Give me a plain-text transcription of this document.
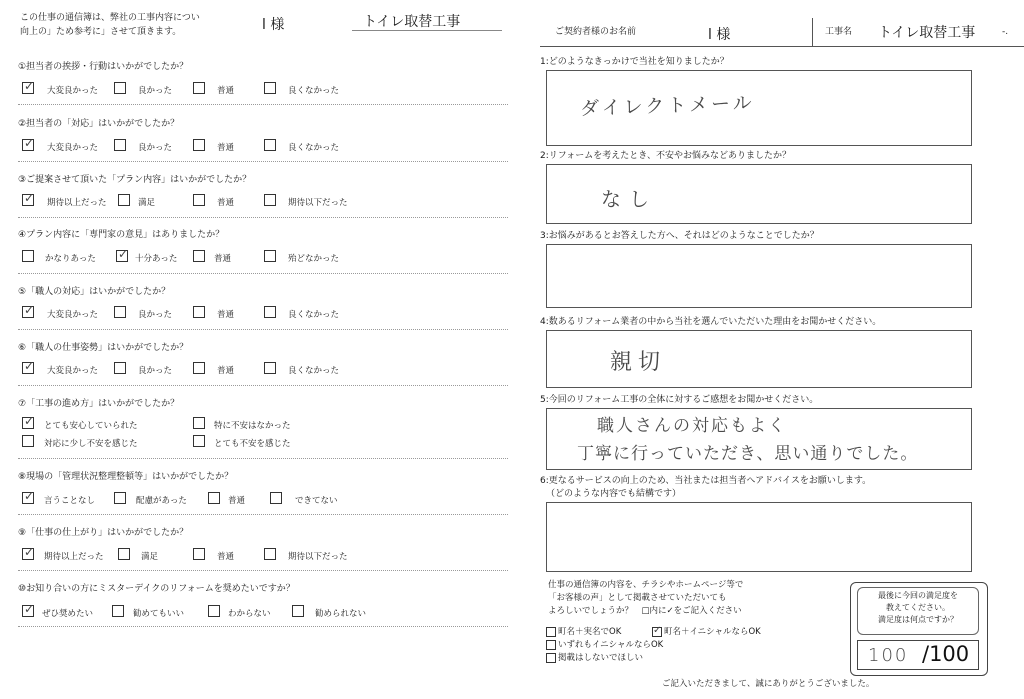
この仕事の通信簿は、弊社の工事内容につい
向上の」ため参考に」させて頂きます。	l 様	トイレ取替工事
①担当者の挨拶・行動はいかがでしたか？
✓ 大変良かった	良かった	普通	良くなかった
②担当者の「対応」はいかがでしたか？
✓ 大変良かった	良かった	普通	良くなかった
③ご提案させて頂いた「プラン内容」はいかがでしたか？
✓ 期待以上だった	満足	普通	期待以下だった
④プラン内容に「専門家の意見」はありましたか？
かなりあった ✓ 十分あった	普通	殆どなかった
⑤「職人の対応」はいかがでしたか？
✓ 大変良かった	良かった	普通	良くなかった
⑥「職人の仕事姿勢」はいかがでしたか？
✓ 大変良かった	良かった	普通	良くなかった
⑦「工事の進め方」はいかがでしたか？
✓ とても安心していられた	特に不安はなかった
対応に少し不安を感じた	とても不安を感じた
⑧現場の「管理状況整理整頓等」はいかがでしたか？
✓ 言うことなし	配慮があった	普通	できてない
⑨「仕事の仕上がり」はいかがでしたか？
✓ 期待以上だった	満足	普通	期待以下だった
⑩お知り合いの方にミスターデイクのリフォームを奨めたいですか？
✓ ぜひ奨めたい	勧めてもいい	わからない	勧められない
ご契約者様のお名前	l 様	工事名 トイレ取替工事	-.
1:どのようなきっかけで当社を知りましたか？
ダイレクトメール
2:リフォームを考えたとき、不安やお悩みなどありましたか？
なし
3:お悩みがあるとお答えした方へ、それはどのようなことでしたか？
4:数あるリフォーム業者の中から当社を選んでいただいた理由をお聞かせください。
親切
5:今回のリフォーム工事の全体に対するご感想をお聞かせください。
職人さんの対応もよく
丁寧に行っていただき、思い通りでした。
6:更なるサービスの向上のため、当社または担当者へアドバイスをお願いします。
（どのような内容でも結構です）
仕事の通信簿の内容を、チラシやホームページ等で
「お客様の声」として掲載させていただいても
よろしいでしょうか？　□内に✓をご記入ください
町名＋実名でOK	✓ 町名＋イニシャルならOK
いずれもイニシャルならOK
掲載はしないでほしい
最後に今回の満足度を
教えてください。
満足度は何点ですか？
100 /100
ご記入いただきまして、誠にありがとうございました。
